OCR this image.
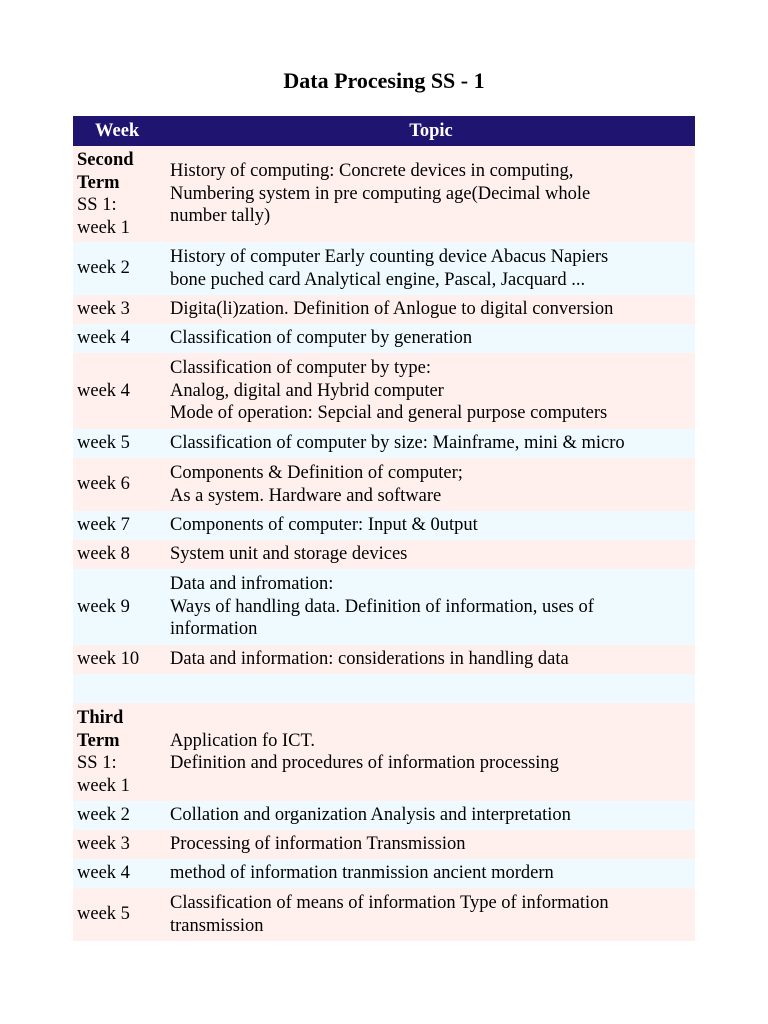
Data Procesing SS - 1
Week	Topic

Second Term
SS 1:
week 1	History of computing: Concrete devices in computing,
Numbering system in pre computing age(Decimal whole
number tally)

week 2	History of computer Early counting device Abacus Napiers
bone puched card Analytical engine, Pascal, Jacquard ...

week 3	Digita(li)zation. Definition of Anlogue to digital conversion
week 4	Classification of computer by generation
week 4	Classification of computer by type:
Analog, digital and Hybrid computer
Mode of operation: Sepcial and general purpose computers

week 5	Classification of computer by size: Mainframe, mini & micro
week 6	Components & Definition of computer;
As a system. Hardware and software

week 7	Components of computer: Input & 0utput
week 8	System unit and storage devices
week 9	Data and infromation:
Ways of handling data. Definition of information, uses of
information

week 10	Data and information: considerations in handling data

Third Term
SS 1:
week 1	Application fo ICT.
Definition and procedures of information processing

week 2	Collation and organization Analysis and interpretation
week 3	Processing of information Transmission
week 4	method of information tranmission ancient mordern
week 5	Classification of means of information Type of information
transmission
